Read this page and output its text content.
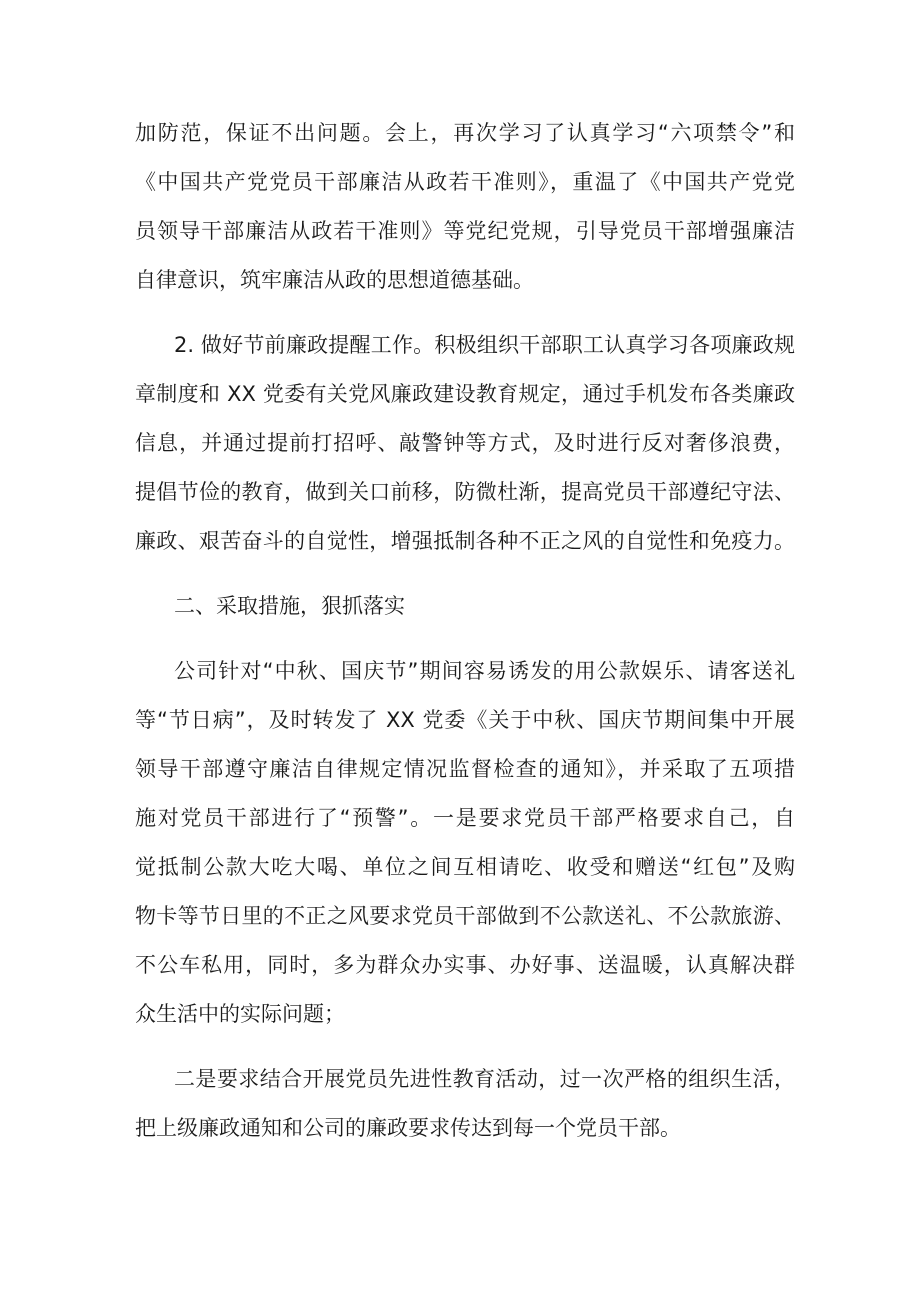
加防范，保证不出问题。会上，再次学习了认真学习“六项禁令”和
《中国共产党党员干部廉洁从政若干准则》，重温了《中国共产党党
员领导干部廉洁从政若干准则》等党纪党规，引导党员干部增强廉洁
自律意识，筑牢廉洁从政的思想道德基础。
2. 做好节前廉政提醒工作。积极组织干部职工认真学习各项廉政规
章制度和 XX 党委有关党风廉政建设教育规定，通过手机发布各类廉政
信息，并通过提前打招呼、敲警钟等方式，及时进行反对奢侈浪费，
提倡节俭的教育，做到关口前移，防微杜渐，提高党员干部遵纪守法、
廉政、艰苦奋斗的自觉性，增强抵制各种不正之风的自觉性和免疫力。
二、采取措施，狠抓落实
公司针对“中秋、国庆节”期间容易诱发的用公款娱乐、请客送礼
等“节日病”，及时转发了 XX 党委《关于中秋、国庆节期间集中开展
领导干部遵守廉洁自律规定情况监督检查的通知》，并采取了五项措
施对党员干部进行了“预警”。一是要求党员干部严格要求自己，自
觉抵制公款大吃大喝、单位之间互相请吃、收受和赠送“红包”及购
物卡等节日里的不正之风要求党员干部做到不公款送礼、不公款旅游、
不公车私用，同时，多为群众办实事、办好事、送温暖，认真解决群
众生活中的实际问题；
二是要求结合开展党员先进性教育活动，过一次严格的组织生活，
把上级廉政通知和公司的廉政要求传达到每一个党员干部。
